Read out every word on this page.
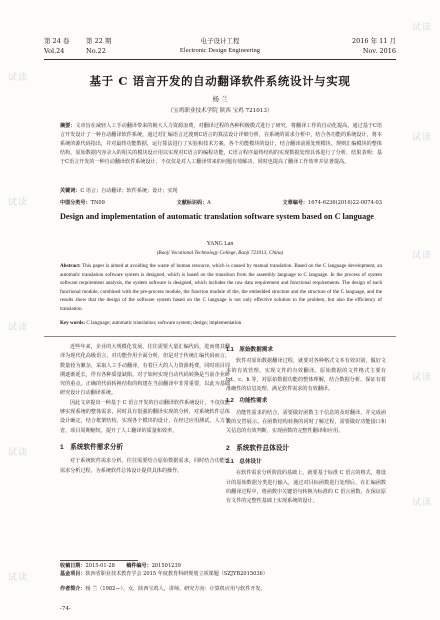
第 24 卷	第 22 期	电子设计工程	2016 年 11 月
Vol.24	No.22	Electronic Design Engineering	Nov. 2016
基于 C 语言开发的自动翻译软件系统设计与实现
杨 兰
（宝鸡职业技术学院 陕西 宝鸡 721013）
摘要：文章旨在减轻人工手动翻译带来的极大人力资源浪费，对翻译过程的各种积极模式进行了研究，将翻译工作的自动化提高。通过基于C语言开发设计了一种自动翻译软件系统，通过对汇编语言过渡到C语言的算法设计详细分析，在系统的需求分析中，结合各功能的系统设计，将本系统的源代码指出，并对最终功能数据、运行算法进行了实验和技术方案。各个功能模块的设计，结合翻译前预处理模块、规则汇编模块的整体结构，原始数据内容录入的相关的模块设计用以实现对C语言的编程功能，C语言程序最终结构的实现数据处理具体进行了分析，结果表明：基于C语言开发的一种自动翻译软件系统设计，不仅仅是对人工翻译带来的问题有效解决，同时也提高了翻译工作效率并显著提高。
关键词：C 语言；自动翻译；软件系统；设计；实现
中图分类号：TN09	文献标识码：A	文章编号：1674-6236(2016)22-0074-03
Design and implementation of automatic translation software system based on C language
YANG Lan
(Baoji Vocational Technology College, Baoji 721013, China)
Abstract: This paper is aimed at avoiding the waste of human resource, which is caused by manual translation. Based on the C language development, an automatic translation software system is designed, which is based on the transition from the assembly language to C language. In the process of system software requirement analysis, the system software is designed, which includes the raw data requirement and functional requirements. The design of each functional module, combined with the pre-process module, the function module of the, the embedded structure and the structure of the C language, and the results show that the design of the software system based on the C language is not only effective solution to the problem, but also the efficiency of translation.
Key words: C language; automatic translation; software system; design; implementation

近些年来，企业的大规模化发展，往往需要大量汇编代码，进而将其翻译为现代化高级语言，对功能作用全面分析，但是对于传统汇编代码而言，数量较为繁杂，采取人工手动翻译，有着巨大的人力资源耗费，同时项目周期逐渐延长，伴有各种质量缺陷。对于如何实现自动代码转换是当前企业研究的重点。正确的代码转换结构的构建在当前翻译中非常重要，以此为基础研究设计自动翻译系统。

因此文章提出一种基于 C 语言开发的自动翻译软件系统设计，不仅仅能够实现系统的整体需求，同时具有很强的翻译实现的分析，对系统软件总体设计确定，结合框架结构，实现各个模块的设计，在经过应用测试，人力节省，项目周期缩短，提升了人工翻译的质量和效率。

1　系统软件需求分析

对于系统软件需求分析，往往需要结合原始数据需求，同时结合功能性需求分析过程，为系统软件总体设计提供具体的操作。

1.1　原始数据需求

软件对原始数据翻译过程，就要对各种格式文本有效识别，做好文本的有效管理，实现文件的有效翻译。原始数据的文件格式主要有 txt、c、h 等，对原始数据功能的整体理解，结合数据分析，保证有着准确性的信息处理，满足软件需求的有效翻译。

1.2　功能性需求

功能性需求的结合，需要做好函数主干信息的及时翻译，并完成函数的交替展示。在函数结构转换的同时了解过程，需要做好功能接口和关信息的有效判断，实现函数的完整性翻译和应用。

2　系统软件总体设计
2.1　总体设计

在软件需求分析阶段的基础上，就要基于标准 C 语言的格式，将设计的原始数据分类进行输入，通过对目标函数进行处理后，在汇编函数的翻译过程中，将函数中关键语句转换为标准的 C 语言函数，在保证原有文件的完整性基础上实现系统的设计。

收稿日期：2015-01-28 稿件编号：201501239
基金项目：陕西省职业技术教育学会 2015 年度教育科研规划立项课题（SZJYB2015036）
作者简介：杨 兰（1982—），女，陕西宝鸡人，讲师。研究方向：计算机应用与软件开发。
-74-
试读
试读
试读
试读
试读
试读
试读
试读
试读
试读
